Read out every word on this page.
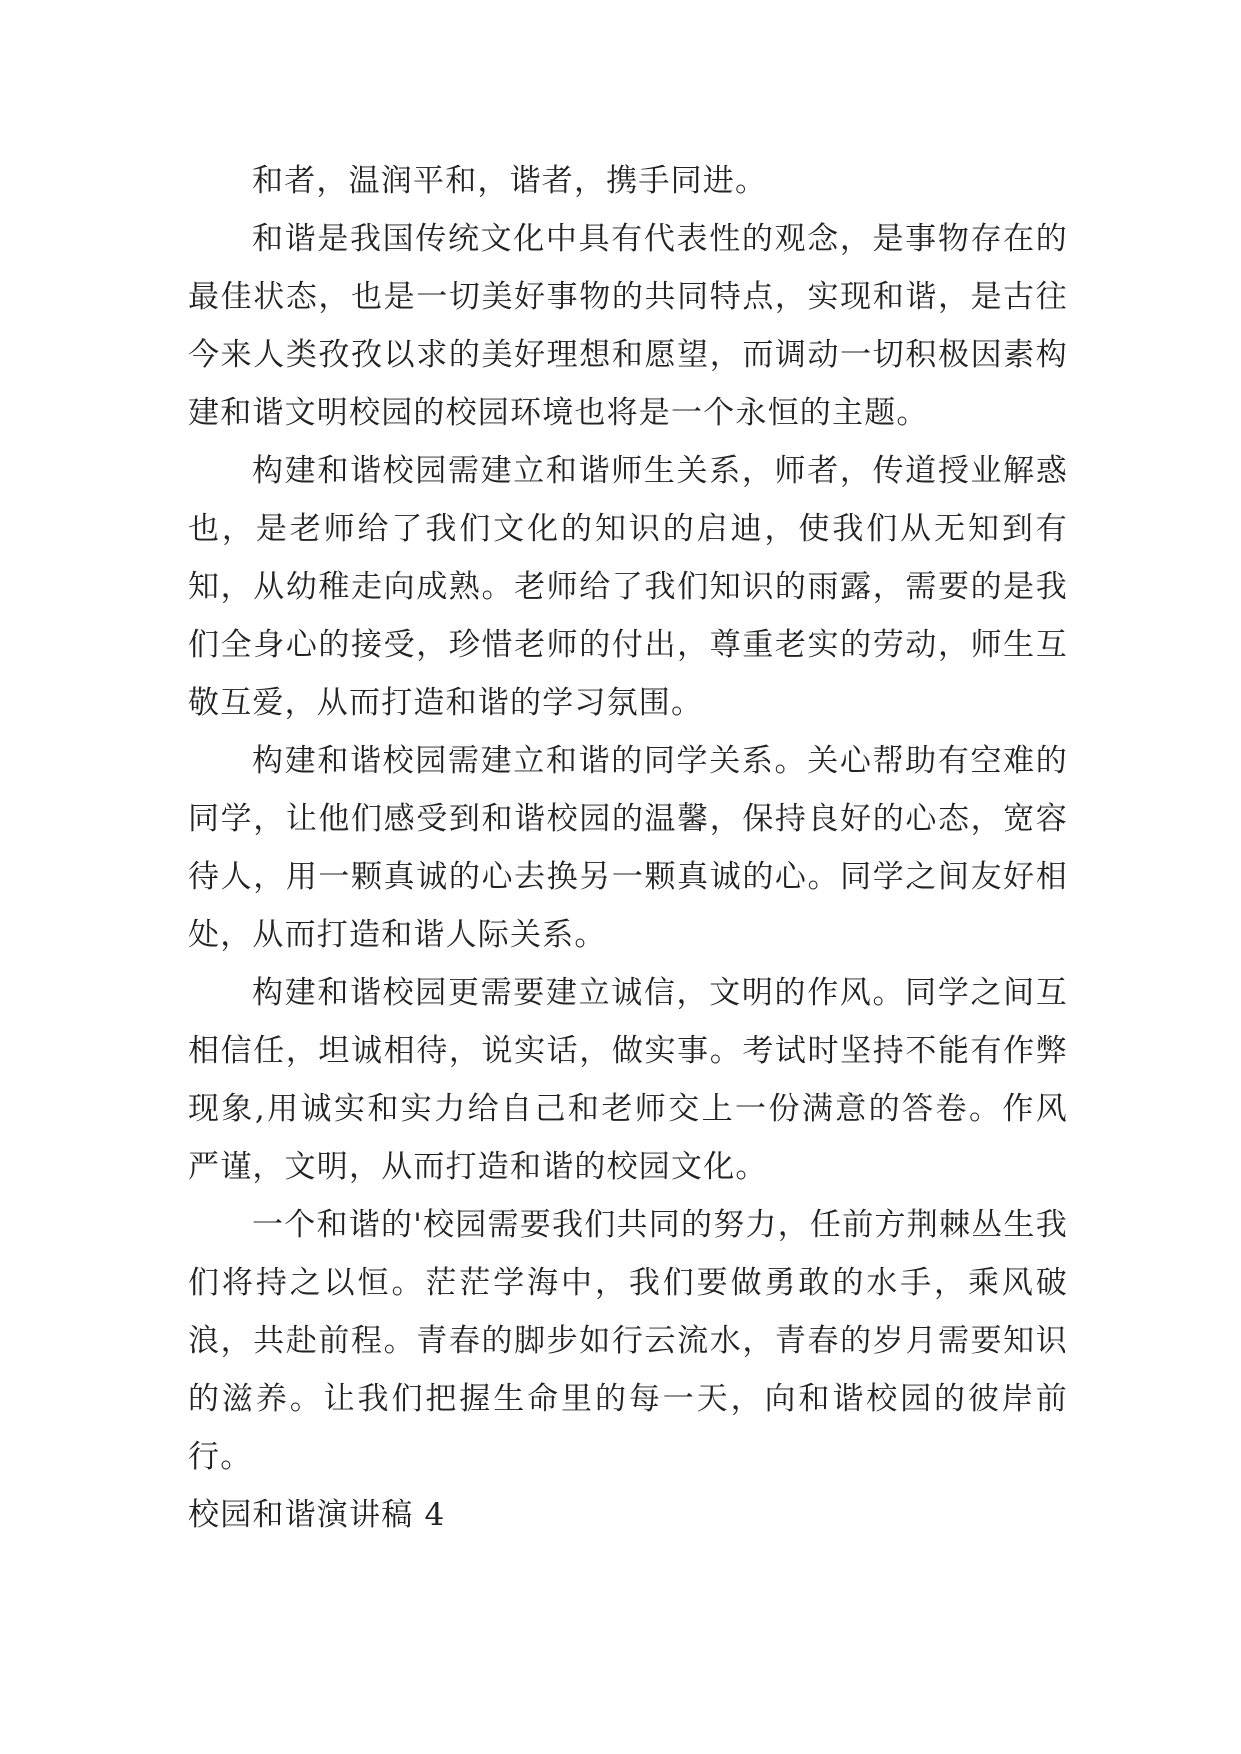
和者，温润平和，谐者，携手同进。

和谐是我国传统文化中具有代表性的观念，是事物存在的最佳状态，也是一切美好事物的共同特点，实现和谐，是古往今来人类孜孜以求的美好理想和愿望，而调动一切积极因素构建和谐文明校园的校园环境也将是一个永恒的主题。

构建和谐校园需建立和谐师生关系，师者，传道授业解惑也，是老师给了我们文化的知识的启迪，使我们从无知到有知，从幼稚走向成熟。老师给了我们知识的雨露，需要的是我们全身心的接受，珍惜老师的付出，尊重老实的劳动，师生互敬互爱，从而打造和谐的学习氛围。

构建和谐校园需建立和谐的同学关系。关心帮助有空难的同学，让他们感受到和谐校园的温馨，保持良好的心态，宽容待人，用一颗真诚的心去换另一颗真诚的心。同学之间友好相处，从而打造和谐人际关系。

构建和谐校园更需要建立诚信，文明的作风。同学之间互相信任，坦诚相待，说实话，做实事。考试时坚持不能有作弊现象,用诚实和实力给自己和老师交上一份满意的答卷。作风严谨，文明，从而打造和谐的校园文化。

一个和谐的'校园需要我们共同的努力，任前方荆棘丛生我们将持之以恒。茫茫学海中，我们要做勇敢的水手，乘风破浪，共赴前程。青春的脚步如行云流水，青春的岁月需要知识的滋养。让我们把握生命里的每一天，向和谐校园的彼岸前行。

校园和谐演讲稿 4
